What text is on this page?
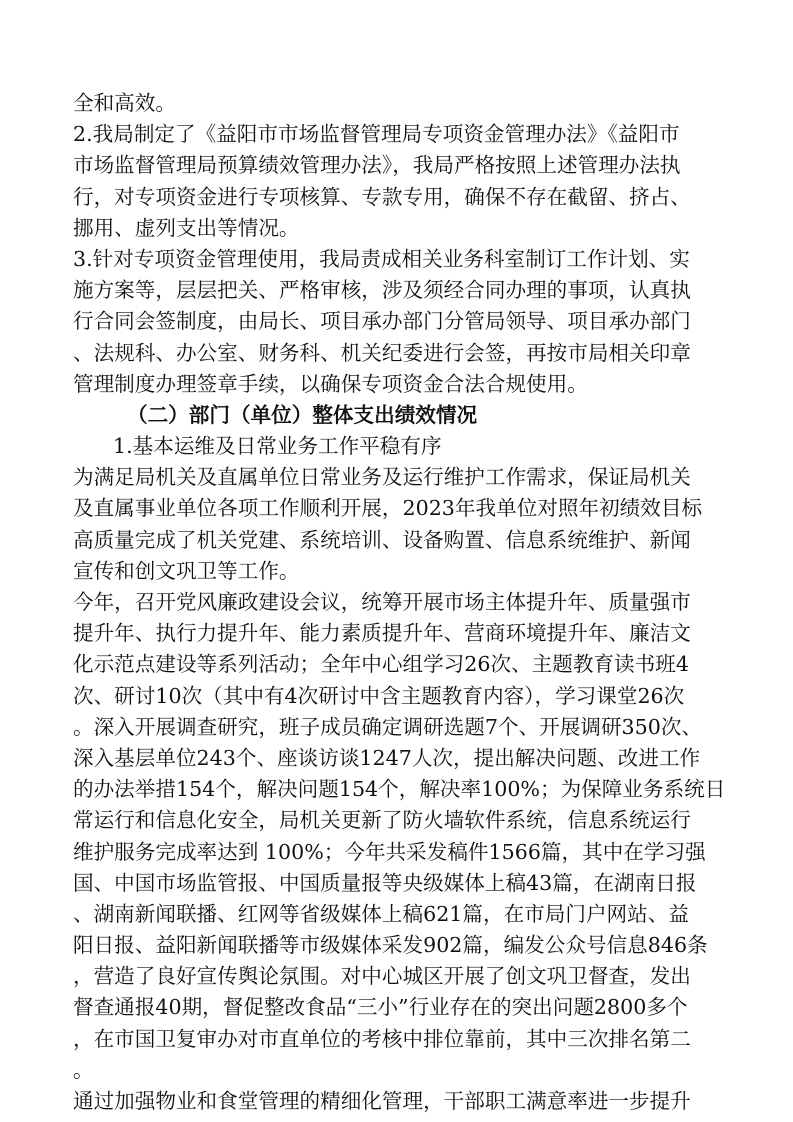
全和高效。
2.我局制定了《益阳市市场监督管理局专项资金管理办法》《益阳市
市场监督管理局预算绩效管理办法》，我局严格按照上述管理办法执
行，对专项资金进行专项核算、专款专用，确保不存在截留、挤占、
挪用、虚列支出等情况。
3.针对专项资金管理使用，我局责成相关业务科室制订工作计划、实
施方案等，层层把关、严格审核，涉及须经合同办理的事项，认真执
行合同会签制度，由局长、项目承办部门分管局领导、项目承办部门
、法规科、办公室、财务科、机关纪委进行会签，再按市局相关印章
管理制度办理签章手续，以确保专项资金合法合规使用。
（二）部门（单位）整体支出绩效情况
1.基本运维及日常业务工作平稳有序
为满足局机关及直属单位日常业务及运行维护工作需求，保证局机关
及直属事业单位各项工作顺利开展，2023年我单位对照年初绩效目标
高质量完成了机关党建、系统培训、设备购置、信息系统维护、新闻
宣传和创文巩卫等工作。
今年，召开党风廉政建设会议，统筹开展市场主体提升年、质量强市
提升年、执行力提升年、能力素质提升年、营商环境提升年、廉洁文
化示范点建设等系列活动；全年中心组学习26次、主题教育读书班4
次、研讨10次（其中有4次研讨中含主题教育内容），学习课堂26次
。深入开展调查研究，班子成员确定调研选题7个、开展调研350次、
深入基层单位243个、座谈访谈1247人次，提出解决问题、改进工作
的办法举措154个，解决问题154个，解决率100%；为保障业务系统日
常运行和信息化安全，局机关更新了防火墙软件系统，信息系统运行
维护服务完成率达到 100%；今年共采发稿件1566篇，其中在学习强
国、中国市场监管报、中国质量报等央级媒体上稿43篇，在湖南日报
、湖南新闻联播、红网等省级媒体上稿621篇，在市局门户网站、益
阳日报、益阳新闻联播等市级媒体采发902篇，编发公众号信息846条
，营造了良好宣传舆论氛围。对中心城区开展了创文巩卫督查，发出
督查通报40期，督促整改食品“三小”行业存在的突出问题2800多个
，在市国卫复审办对市直单位的考核中排位靠前，其中三次排名第二
。
通过加强物业和食堂管理的精细化管理，干部职工满意率进一步提升
